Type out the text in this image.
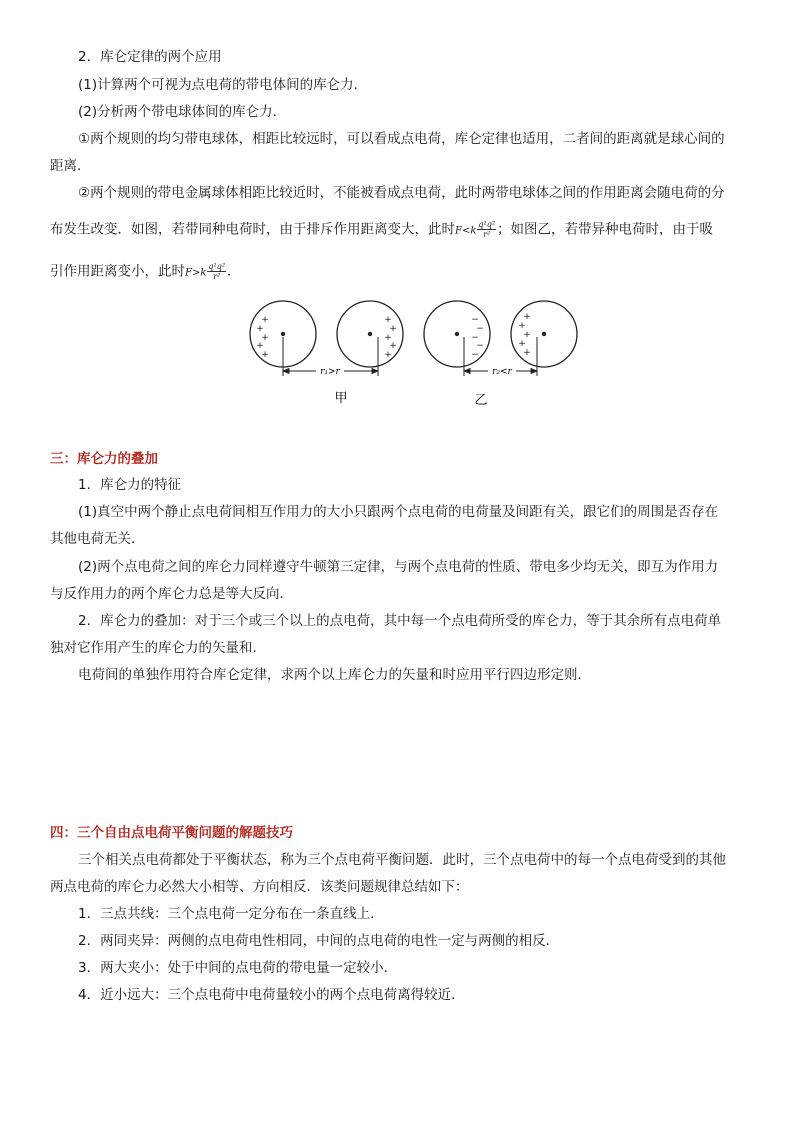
2．库仑定律的两个应用
(1)计算两个可视为点电荷的带电体间的库仑力．
(2)分析两个带电球体间的库仑力．
①两个规则的均匀带电球体，相距比较远时，可以看成点电荷，库仑定律也适用，二者间的距离就是球心间的
距离．
②两个规则的带电金属球体相距比较近时，不能被看成点电荷，此时两带电球体之间的作用距离会随电荷的分
布发生改变．如图，若带同种电荷时，由于排斥作用距离变大，此时$F<k \frac{\text{q¹q²}}{\text{r²}}$ ；如图乙，若带异种电荷时，由于吸
引作用距离变小，此时$F>k \frac{\text{q¹q²}}{\text{r²}}$ ．
r₁>r	r₂<r
+
+
+
+
+
+
+
+
+
+
−
−
−
−
−
+
+
+
+
+
甲	乙
三：库仑力的叠加
1．库仑力的特征
(1)真空中两个静止点电荷间相互作用力的大小只跟两个点电荷的电荷量及间距有关，跟它们的周围是否存在
其他电荷无关．
(2)两个点电荷之间的库仑力同样遵守牛顿第三定律，与两个点电荷的性质、带电多少均无关，即互为作用力
与反作用力的两个库仑力总是等大反向．
2．库仑力的叠加：对于三个或三个以上的点电荷，其中每一个点电荷所受的库仑力，等于其余所有点电荷单
独对它作用产生的库仑力的矢量和．
电荷间的单独作用符合库仑定律，求两个以上库仑力的矢量和时应用平行四边形定则．
四：三个自由点电荷平衡问题的解题技巧
三个相关点电荷都处于平衡状态，称为三个点电荷平衡问题．此时，三个点电荷中的每一个点电荷受到的其他
两点电荷的库仑力必然大小相等、方向相反．该类问题规律总结如下：
1．三点共线：三个点电荷一定分布在一条直线上．
2．两同夹异：两侧的点电荷电性相同，中间的点电荷的电性一定与两侧的相反．
3．两大夹小：处于中间的点电荷的带电量一定较小．
4．近小远大：三个点电荷中电荷量较小的两个点电荷离得较近．
